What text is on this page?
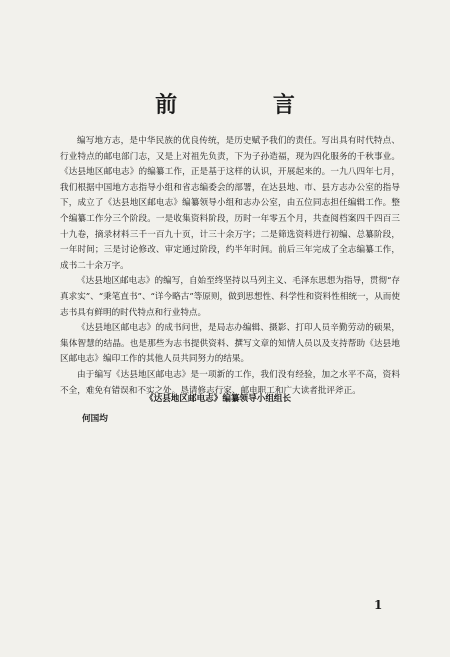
前 言

编写地方志，是中华民族的优良传统，是历史赋予我们的责任。写出具有时代特点、行业特点的邮电部门志，又是上对祖先负责，下为子孙造福，现为四化服务的千秋事业。《达县地区邮电志》的编纂工作，正是基于这样的认识，开展起来的。一九八四年七月，我们根据中国地方志指导小组和省志编委会的部署，在达县地、市、县方志办公室的指导下，成立了《达县地区邮电志》编纂领导小组和志办公室，由五位同志担任编辑工作。整个编纂工作分三个阶段。一是收集资料阶段，历时一年零五个月，共查阅档案四千四百三十九卷，摘录材料三千一百九十页，计三十余万字；二是筛选资料进行初编、总纂阶段，一年时间；三是讨论修改、审定通过阶段，约半年时间。前后三年完成了全志编纂工作，成书二十余万字。

《达县地区邮电志》的编写，自始至终坚持以马列主义、毛泽东思想为指导，贯彻“存真求实”、“秉笔直书”、“详今略古”等原则，做到思想性、科学性和资料性相统一，从而使志书具有鲜明的时代特点和行业特点。

《达县地区邮电志》的成书问世，是局志办编辑、摄影、打印人员辛勤劳动的硕果，集体智慧的结晶。也是那些为志书提供资料、撰写文章的知情人员以及支持帮助《达县地区邮电志》编印工作的其他人员共同努力的结果。

由于编写《达县地区邮电志》是一项新的工作，我们没有经验，加之水平不高，资料不全，难免有错误和不实之处。恳请修志行家、邮电职工和广大读者批评斧正。

《达县地区邮电志》编纂领导小组组长
何国均
1
